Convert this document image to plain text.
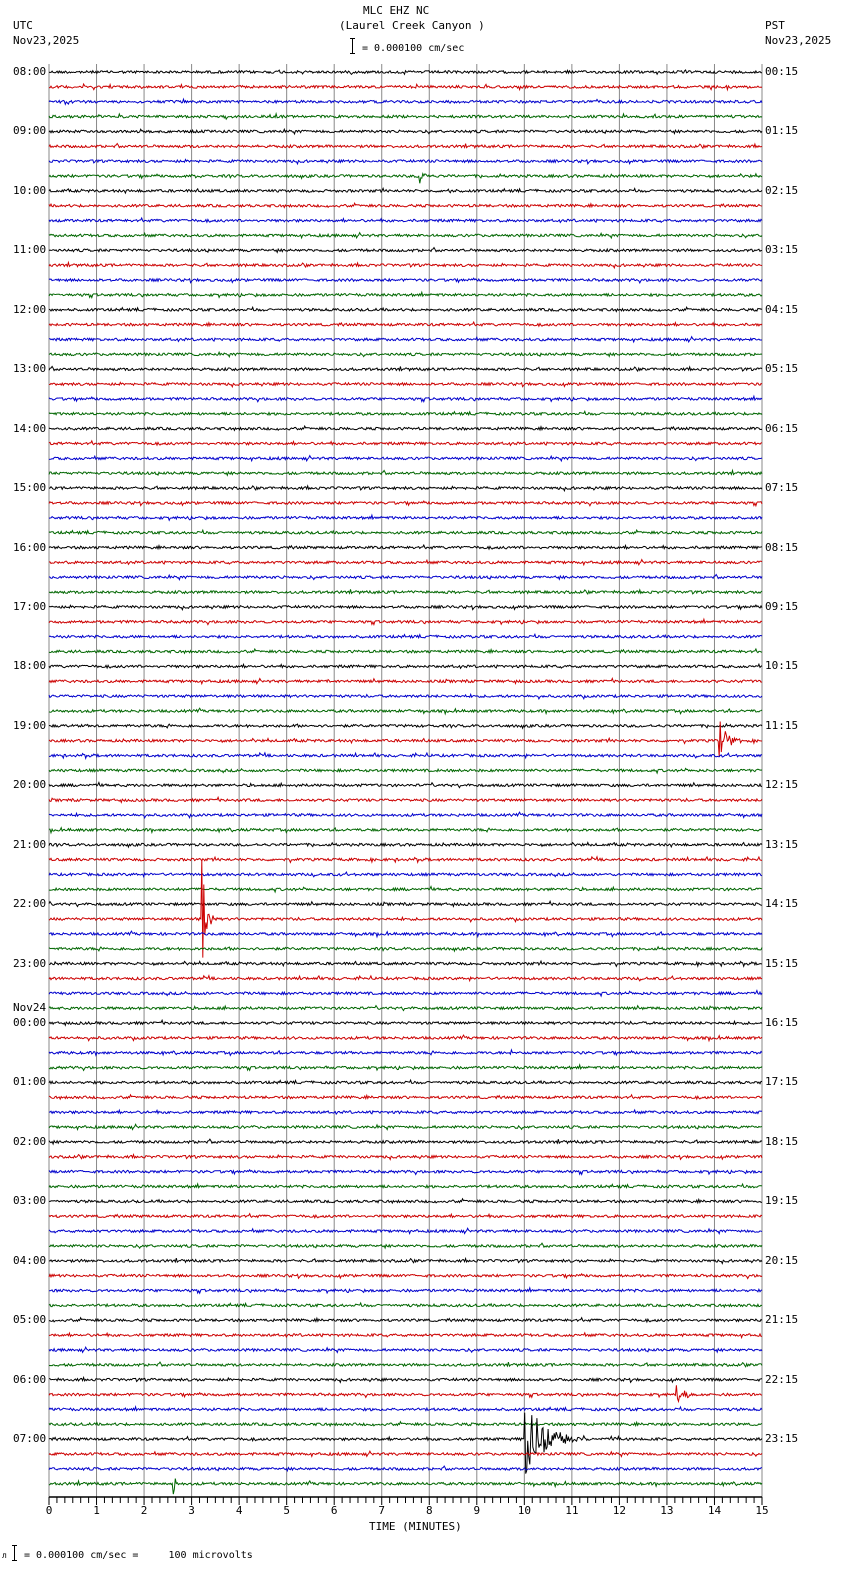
MLC EHZ NC
(Laurel Creek Canyon )
UTC
Nov23,2025
PST
Nov23,2025
= 0.000100 cm/sec
TIME (MINUTES)
л = 0.000100 cm/sec =     100 microvolts
0	1	2	3	4	5	6	7	8	9	10	11	12	13	14	15
08:00
09:00
10:00
11:00
12:00
13:00
14:00
15:00
16:00
17:00
18:00
19:00
20:00
21:00
22:00
23:00
00:00
01:00
02:00
03:00
04:00
05:00
06:00
07:00
00:15
01:15
02:15
03:15
04:15
05:15
06:15
07:15
08:15
09:15
10:15
11:15
12:15
13:15
14:15
15:15
16:15
17:15
18:15
19:15
20:15
21:15
22:15
23:15
Nov24
